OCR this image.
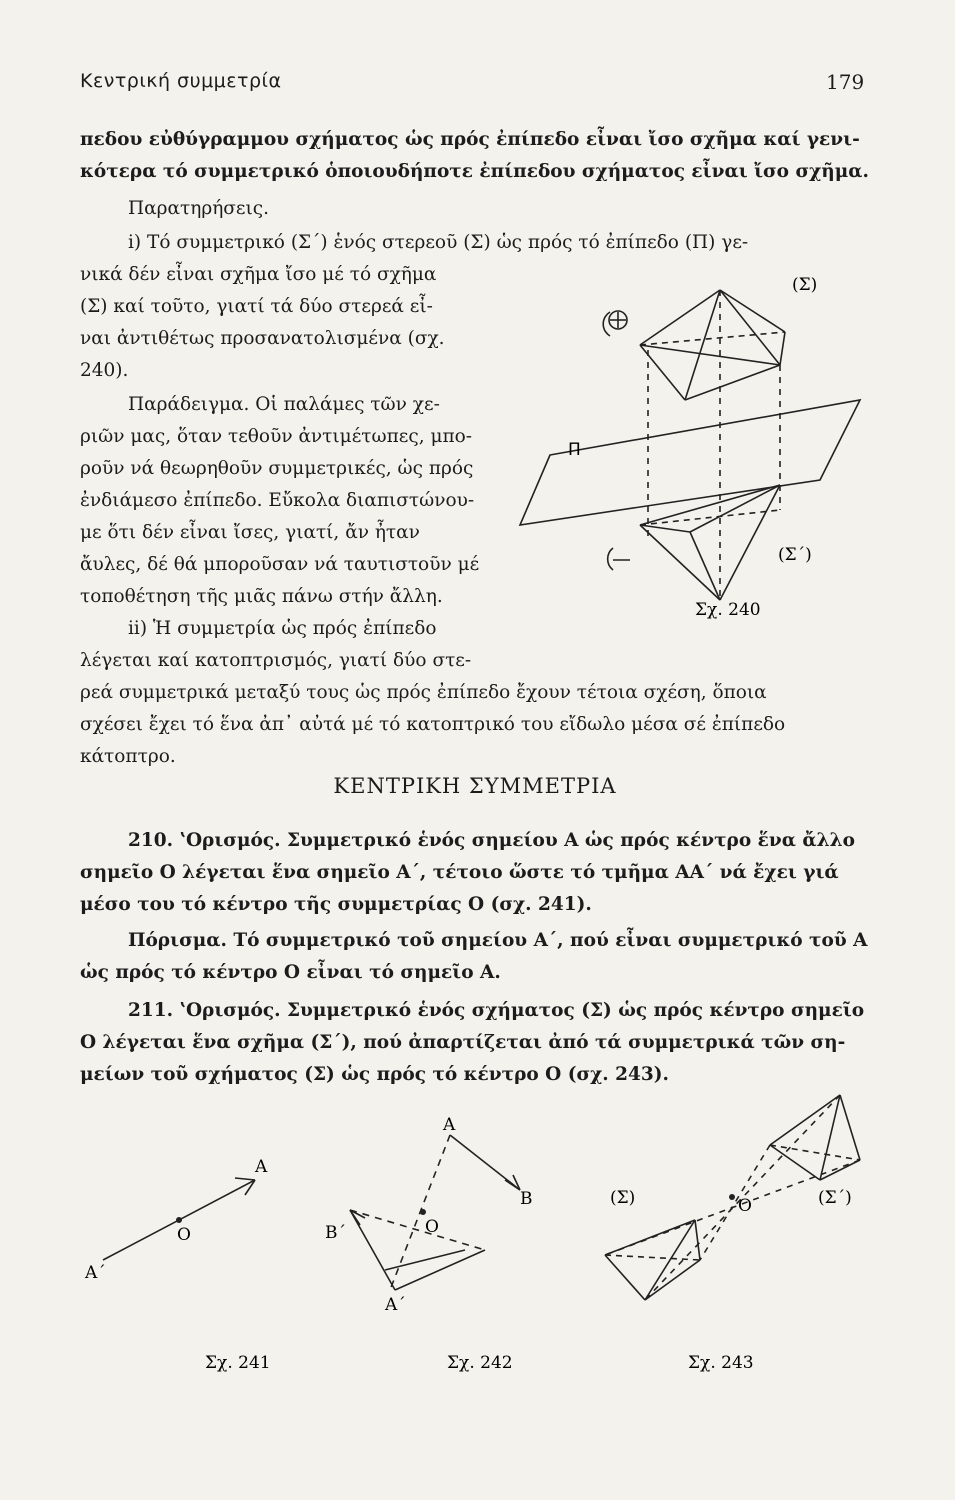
Κεντρική συμμετρία	179
πεδου εὐθύγραμμου σχήματος ὡς πρός ἐπίπεδο εἶναι ἴσο σχῆμα καί γενι-
κότερα τό συμμετρικό ὁποιουδήποτε ἐπίπεδου σχήματος εἶναι ἴσο σχῆμα.
Παρατηρήσεις.
i) Τό συμμετρικό (Σ΄) ἑνός στερεοῦ (Σ) ὡς πρός τό ἐπίπεδο (Π) γε-
νικά δέν εἶναι σχῆμα ἴσο μέ τό σχῆμα
(Σ) καί τοῦτο, γιατί τά δύο στερεά εἶ-
ναι ἀντιθέτως προσανατολισμένα (σχ.
240).
Παράδειγμα. Οἱ παλάμες τῶν χε-
ριῶν μας, ὅταν τεθοῦν ἀντιμέτωπες, μπο-
ροῦν νά θεωρηθοῦν συμμετρικές, ὡς πρός
ἐνδιάμεσο ἐπίπεδο. Εὔκολα διαπιστώνου-
με ὅτι δέν εἶναι ἴσες, γιατί, ἄν ἦταν
ἄυλες, δέ θά μποροῦσαν νά ταυτιστοῦν μέ
τοποθέτηση τῆς μιᾶς πάνω στήν ἄλλη.
ii) Ἡ συμμετρία ὡς πρός ἐπίπεδο
λέγεται καί κατοπτρισμός, γιατί δύο στε-
ρεά συμμετρικά μεταξύ τους ὡς πρός ἐπίπεδο ἔχουν τέτοια σχέση, ὅποια
σχέσει ἔχει τό ἕνα ἀπ᾽ αὐτά μέ τό κατοπτρικό του εἴδωλο μέσα σέ ἐπίπεδο
κάτοπτρο.
ΚΕΝΤΡΙΚΗ ΣΥΜΜΕΤΡΙΑ
210. ʽΟρισμός. Συμμετρικό ἑνός σημείου Α ὡς πρός κέντρο ἕνα ἄλλο
σημεῖο Ο λέγεται ἕνα σημεῖο Α΄, τέτοιο ὥστε τό τμῆμα ΑΑ΄ νά ἔχει γιά
μέσο του τό κέντρο τῆς συμμετρίας Ο (σχ. 241).
Πόρισμα. Τό συμμετρικό τοῦ σημείου Α΄, πού εἶναι συμμετρικό τοῦ Α
ὡς πρός τό κέντρο Ο εἶναι τό σημεῖο Α.
211. ʽΟρισμός. Συμμετρικό ἑνός σχήματος (Σ) ὡς πρός κέντρο σημεῖο
Ο λέγεται ἕνα σχῆμα (Σ΄), πού ἀπαρτίζεται ἀπό τά συμμετρικά τῶν ση-
μείων τοῦ σχήματος (Σ) ὡς πρός τό κέντρο Ο (σχ. 243).
(Σ)
Π
(Σ΄)
Σχ. 240
Α
Ο
Α΄
Σχ. 241
Α
Β
Β΄	Ο
Α΄
Σχ. 242
(Σ)	Ο	(Σ΄)
Σχ. 243
